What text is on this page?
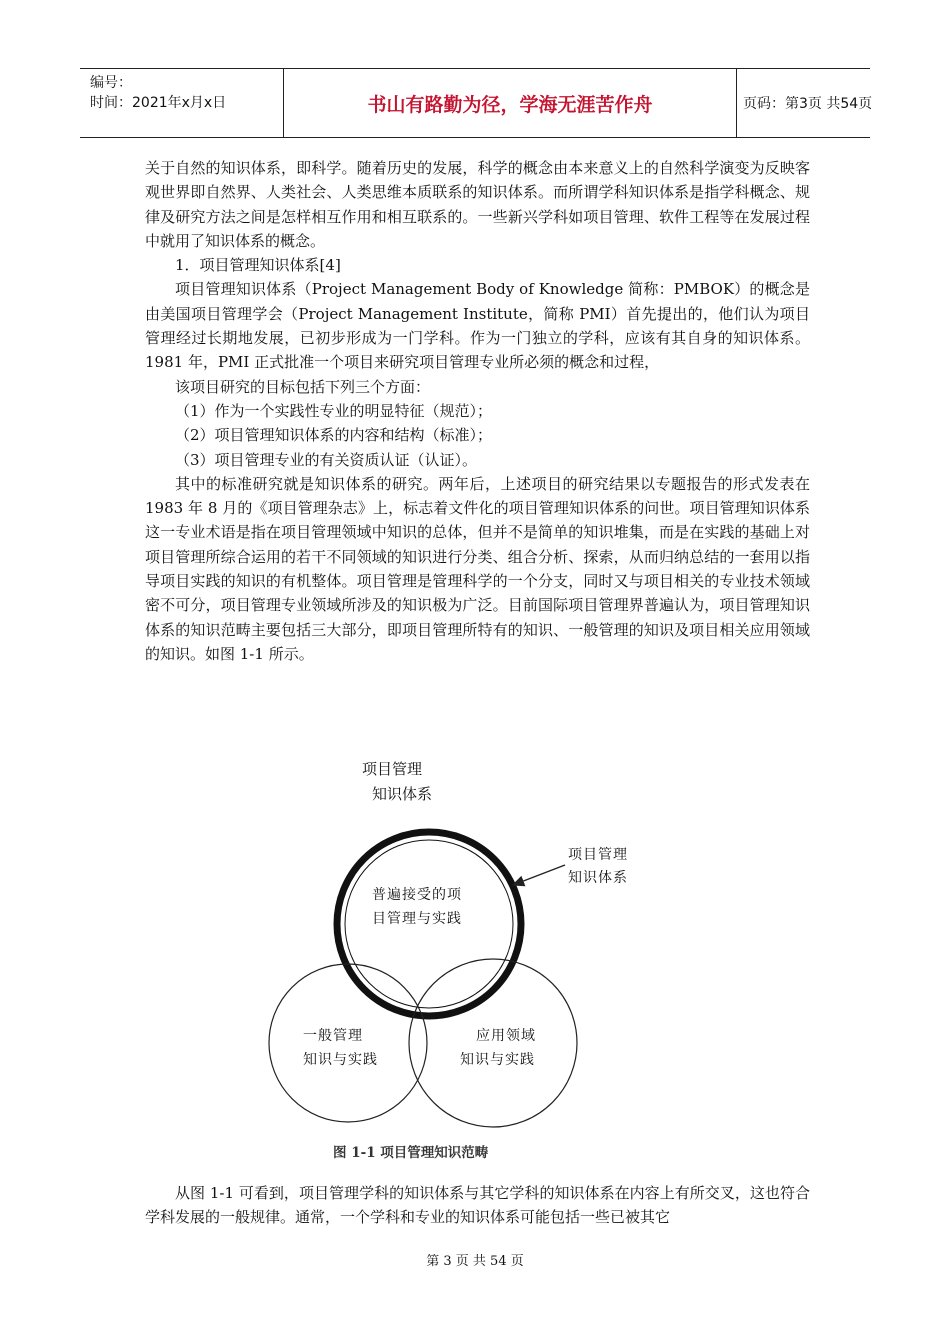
编号：
时间：2021年x月x日	书山有路勤为径，学海无涯苦作舟	页码：第3页 共54页

关于自然的知识体系，即科学。随着历史的发展，科学的概念由本来意义上的自然科学演变为反映客观世界即自然界、人类社会、人类思维本质联系的知识体系。而所谓学科知识体系是指学科概念、规律及研究方法之间是怎样相互作用和相互联系的。一些新兴学科如项目管理、软件工程等在发展过程中就用了知识体系的概念。

1．项目管理知识体系[4]

项目管理知识体系（Project Management Body of Knowledge 简称：PMBOK）的概念是由美国项目管理学会（Project Management Institute，简称 PMI）首先提出的，他们认为项目管理经过长期地发展，已初步形成为一门学科。作为一门独立的学科，应该有其自身的知识体系。1981 年，PMI 正式批准一个项目来研究项目管理专业所必须的概念和过程，

该项目研究的目标包括下列三个方面：

（1）作为一个实践性专业的明显特征（规范）；

（2）项目管理知识体系的内容和结构（标准）；

（3）项目管理专业的有关资质认证（认证）。

其中的标准研究就是知识体系的研究。两年后，上述项目的研究结果以专题报告的形式发表在 1983 年 8 月的《项目管理杂志》上，标志着文件化的项目管理知识体系的问世。项目管理知识体系这一专业术语是指在项目管理领域中知识的总体，但并不是简单的知识堆集，而是在实践的基础上对项目管理所综合运用的若干不同领域的知识进行分类、组合分析、探索，从而归纳总结的一套用以指导项目实践的知识的有机整体。项目管理是管理科学的一个分支，同时又与项目相关的专业技术领域密不可分，项目管理专业领域所涉及的知识极为广泛。目前国际项目管理界普遍认为，项目管理知识体系的知识范畴主要包括三大部分，即项目管理所特有的知识、一般管理的知识及项目相关应用领域的知识。如图 1-1 所示。

项目管理
知识体系
项目管理
知识体系
普遍接受的项
目管理与实践
一般管理
知识与实践
应用领域
知识与实践
图 1-1 项目管理知识范畴

从图 1-1 可看到，项目管理学科的知识体系与其它学科的知识体系在内容上有所交叉，这也符合学科发展的一般规律。通常，一个学科和专业的知识体系可能包括一些已被其它

第 3 页 共 54 页
